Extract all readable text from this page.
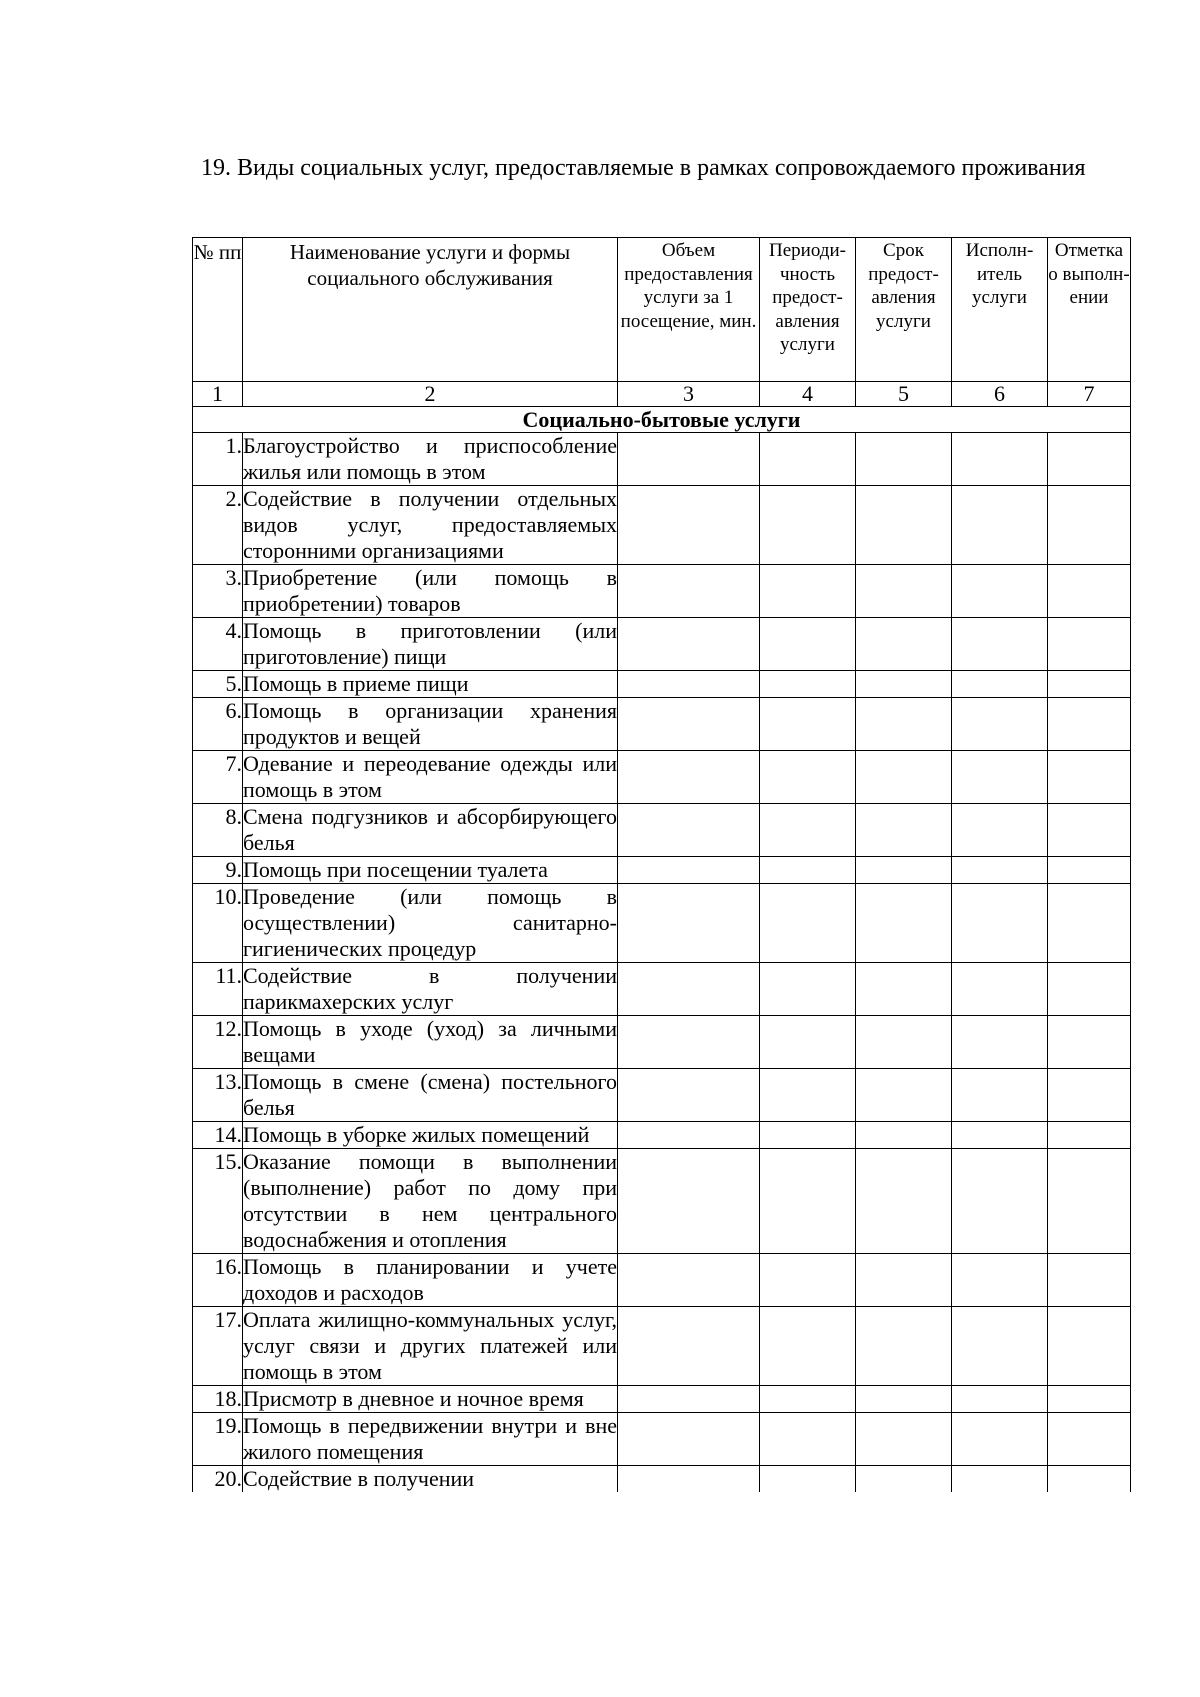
19. Виды социальных услуг, предоставляемые в рамках сопровождаемого проживания
№ пп	Наименование услуги и формы социального обслуживания	Объем предоставления услуги за 1 посещение, мин.	Периодичность предоставления услуги	Срок предоставления услуги	Исполнитель услуги	Отметка о выполнении
1	2	3	4	5	6	7
Социально-бытовые услуги						
1.	Благоустройство и приспособление жилья или помощь в этом					
2.	Содействие в получении отдельных видов услуг, предоставляемых сторонними организациями					
3.	Приобретение (или помощь в приобретении) товаров					
4.	Помощь в приготовлении (или приготовление) пищи					
5.	Помощь в приеме пищи					
6.	Помощь в организации хранения продуктов и вещей					
7.	Одевание и переодевание одежды или помощь в этом					
8.	Смена подгузников и абсорбирующего белья					
9.	Помощь при посещении туалета					
10.	Проведение (или помощь в осуществлении) санитарно-гигиенических процедур					
11.	Содействие в получении парикмахерских услуг					
12.	Помощь в уходе (уход) за личными вещами					
13.	Помощь в смене (смена) постельного белья					
14.	Помощь в уборке жилых помещений					
15.	Оказание помощи в выполнении (выполнение) работ по дому при отсутствии в нем центрального водоснабжения и отопления					
16.	Помощь в планировании и учете доходов и расходов					
17.	Оплата жилищно-коммунальных услуг, услуг связи и других платежей или помощь в этом					
18.	Присмотр в дневное и ночное время					
19.	Помощь в передвижении внутри и вне жилого помещения					
20.	Содействие в получении					
